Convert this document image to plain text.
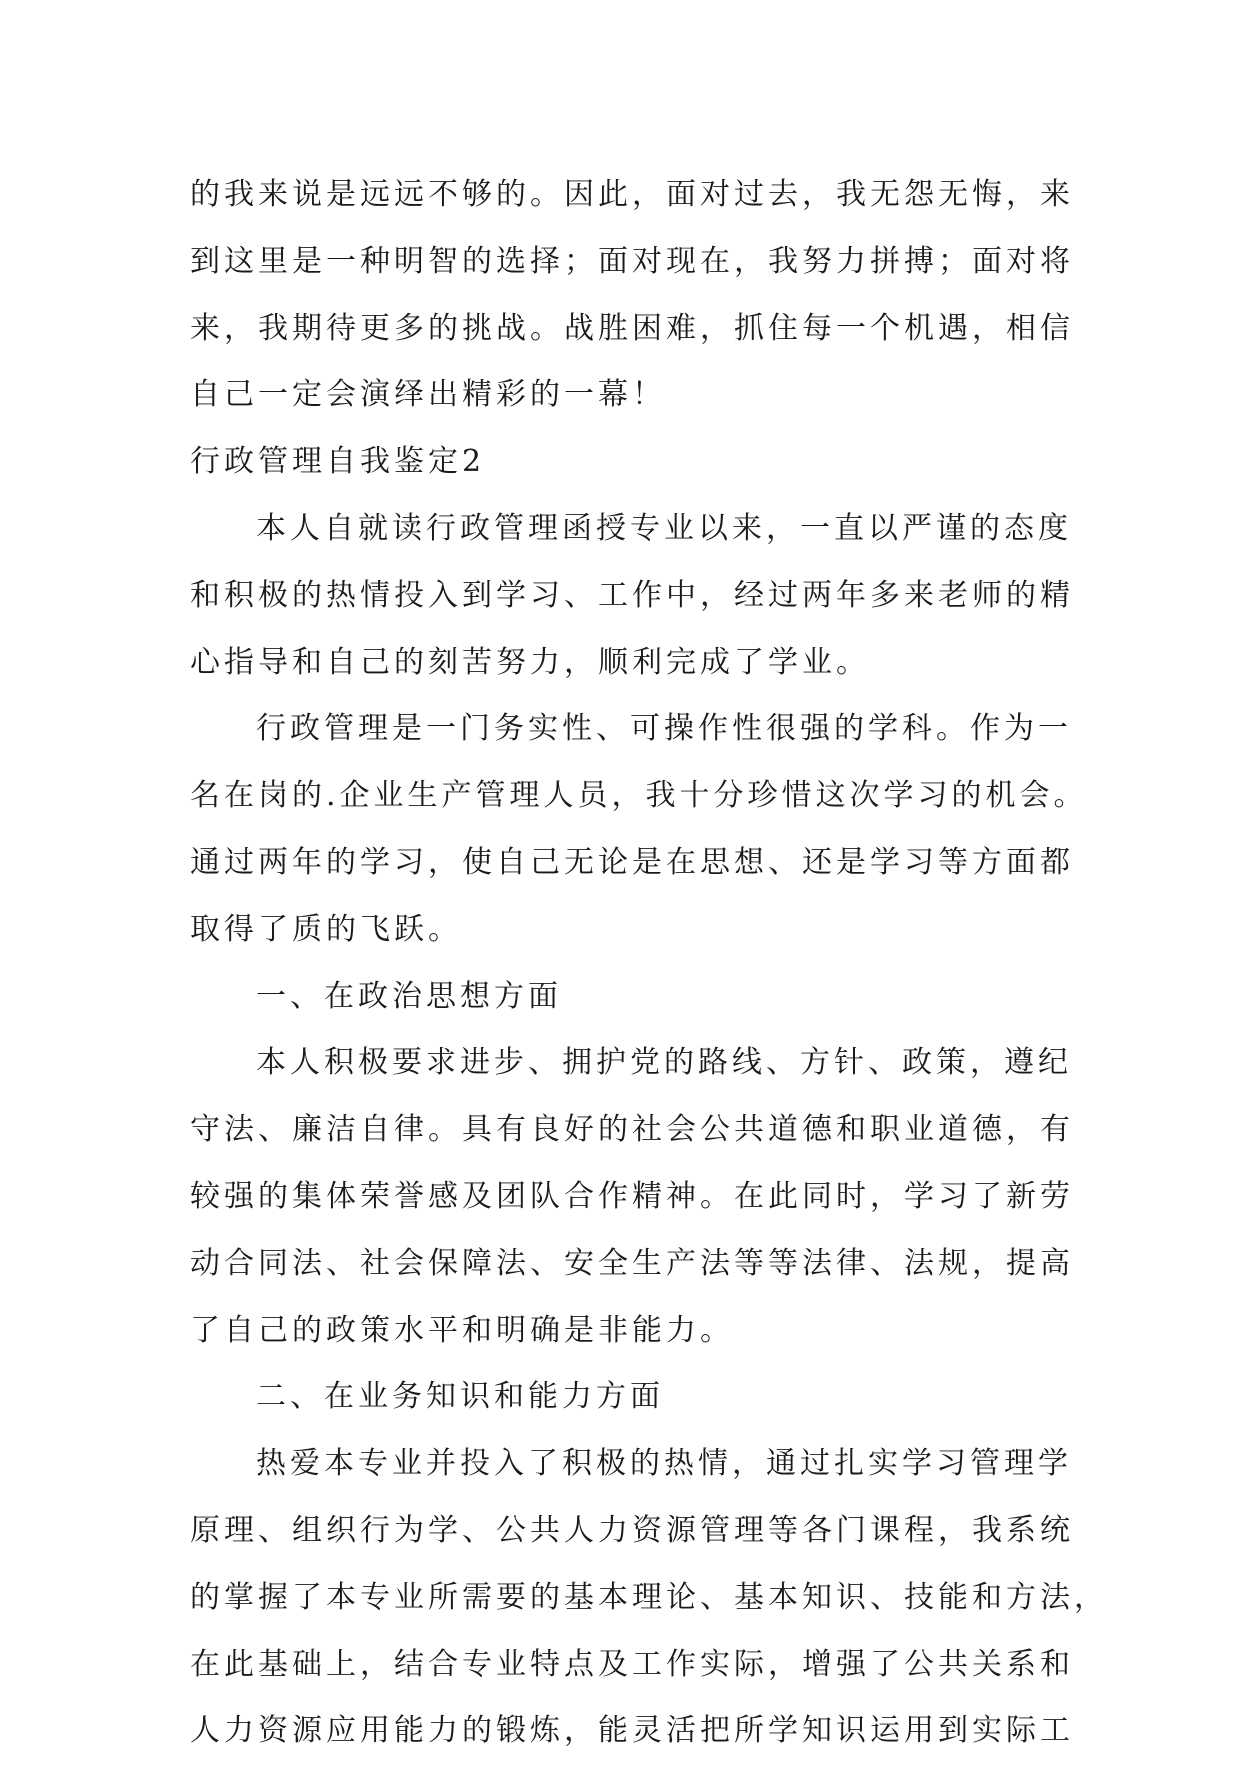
的我来说是远远不够的。因此，面对过去，我无怨无悔，来
到这里是一种明智的选择；面对现在，我努力拼搏；面对将
来，我期待更多的挑战。战胜困难，抓住每一个机遇，相信
自己一定会演绎出精彩的一幕！
行政管理自我鉴定2
本人自就读行政管理函授专业以来，一直以严谨的态度
和积极的热情投入到学习、工作中，经过两年多来老师的精
心指导和自己的刻苦努力，顺利完成了学业。
行政管理是一门务实性、可操作性很强的学科。作为一
名在岗的.企业生产管理人员，我十分珍惜这次学习的机会。
通过两年的学习，使自己无论是在思想、还是学习等方面都
取得了质的飞跃。
一、在政治思想方面
本人积极要求进步、拥护党的路线、方针、政策，遵纪
守法、廉洁自律。具有良好的社会公共道德和职业道德，有
较强的集体荣誉感及团队合作精神。在此同时，学习了新劳
动合同法、社会保障法、安全生产法等等法律、法规，提高
了自己的政策水平和明确是非能力。
二、在业务知识和能力方面
热爱本专业并投入了积极的热情，通过扎实学习管理学
原理、组织行为学、公共人力资源管理等各门课程，我系统
的掌握了本专业所需要的基本理论、基本知识、技能和方法，
在此基础上，结合专业特点及工作实际，增强了公共关系和
人力资源应用能力的锻炼，能灵活把所学知识运用到实际工
